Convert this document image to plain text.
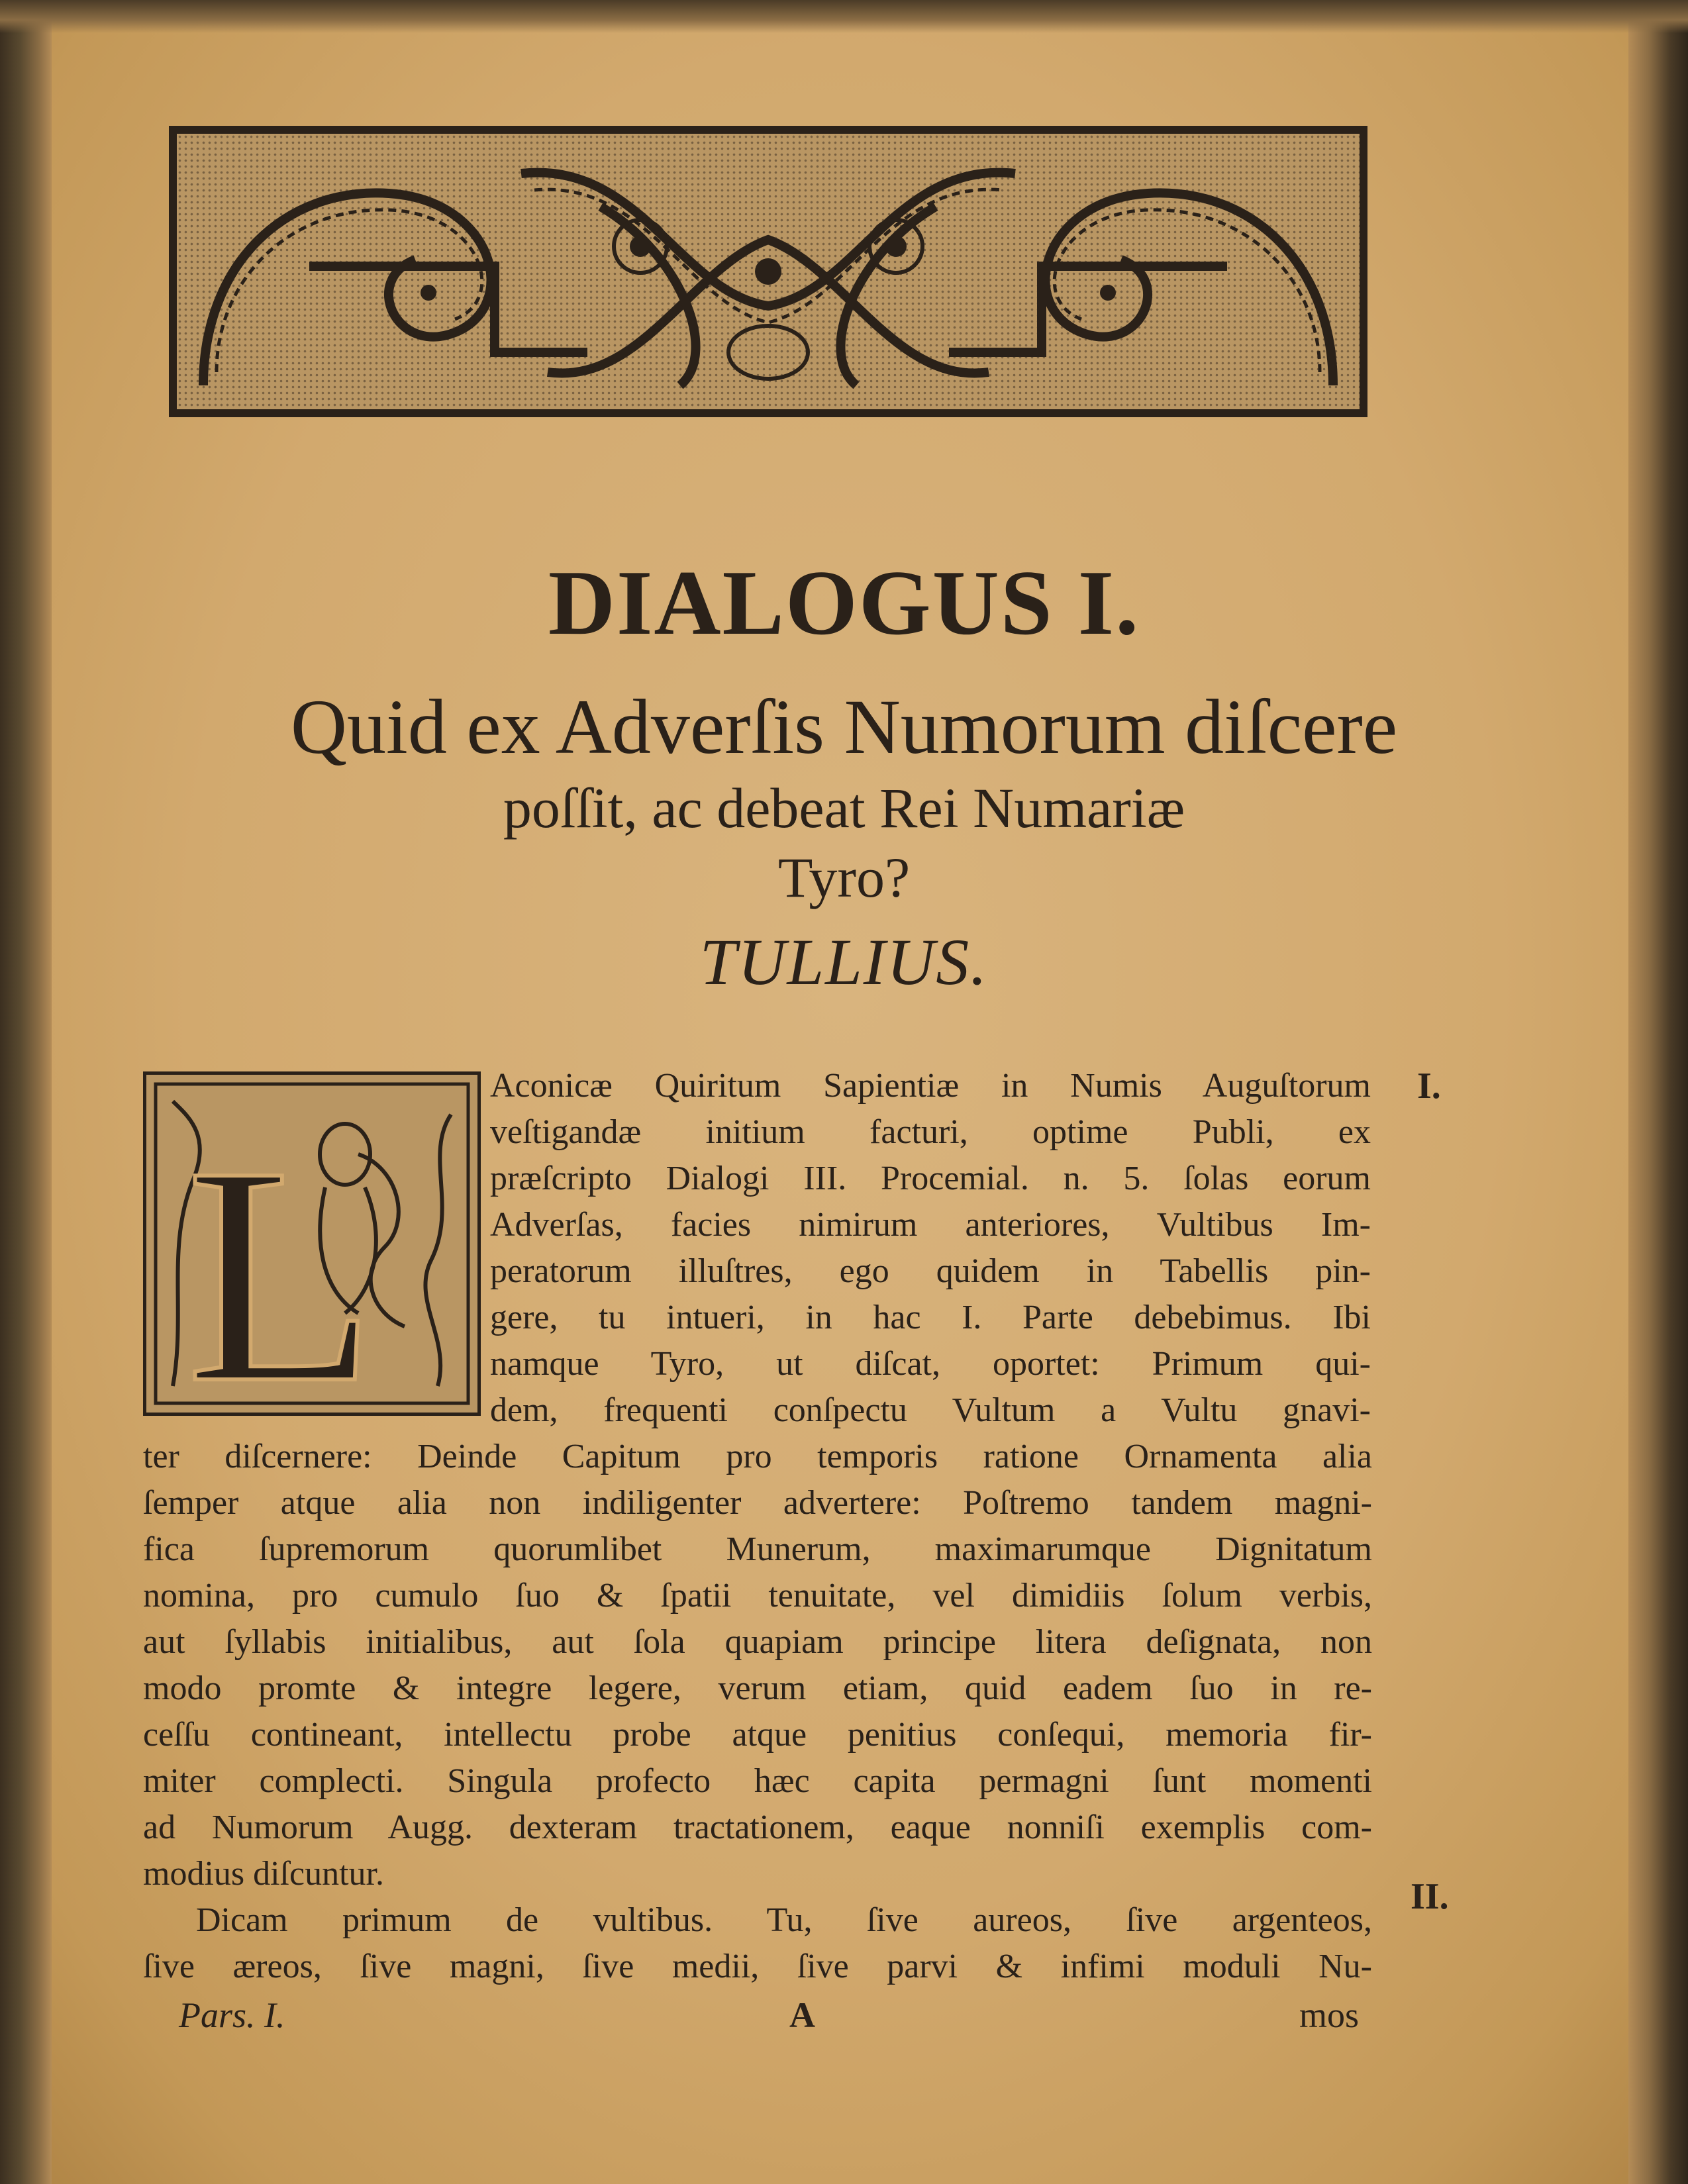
DIALOGUS I.
Quid ex Adverſis Numorum diſcere
poſſit, ac debeat Rei Numariæ
Tyro?
TULLIUS.
L
Aconicæ Quiritum Sapientiæ in Numis Auguſtorum
veſtigandæ initium facturi, optime Publi, ex
præſcripto Dialogi III. Procemial. n. 5. ſolas eorum
Adverſas, facies nimirum anteriores, Vultibus Im-
peratorum illuſtres, ego quidem in Tabellis pin-
gere, tu intueri, in hac I. Parte debebimus. Ibi
namque Tyro, ut diſcat, oportet: Primum qui-
dem, frequenti conſpectu Vultum a Vultu gnavi-
ter diſcernere: Deinde Capitum pro temporis ratione Ornamenta alia
ſemper atque alia non indiligenter advertere: Poſtremo tandem magni-
fica ſupremorum quorumlibet Munerum, maximarumque Dignitatum
nomina, pro cumulo ſuo & ſpatii tenuitate, vel dimidiis ſolum verbis,
aut ſyllabis initialibus, aut ſola quapiam principe litera deſignata, non
modo promte & integre legere, verum etiam, quid eadem ſuo in re-
ceſſu contineant, intellectu probe atque penitius conſequi, memoria fir-
miter complecti. Singula profecto hæc capita permagni ſunt momenti
ad Numorum Augg. dexteram tractationem, eaque nonniſi exemplis com-
modius diſcuntur.
Dicam primum de vultibus. Tu, ſive aureos, ſive argenteos,
ſive æreos, ſive magni, ſive medii, ſive parvi & infimi moduli Nu-
I.
II.
Pars. I.	A	mos
